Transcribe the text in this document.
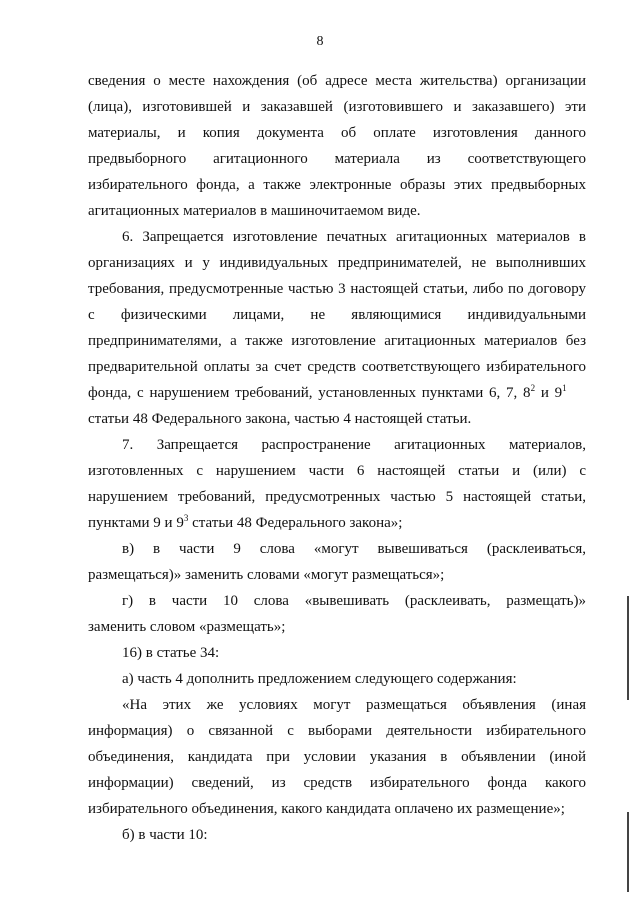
8
сведения о месте нахождения (об адресе места жительства) организации
(лица), изготовившей и заказавшей (изготовившего и заказавшего) эти
материалы, и копия документа об оплате изготовления данного
предвыборного агитационного материала из соответствующего
избирательного фонда, а также электронные образы этих предвыборных
агитационных материалов в машиночитаемом виде.
6. Запрещается изготовление печатных агитационных материалов в
организациях и у индивидуальных предпринимателей, не выполнивших
требования, предусмотренные частью 3 настоящей статьи, либо по договору
с физическими лицами, не являющимися индивидуальными
предпринимателями, а также изготовление агитационных материалов без
предварительной оплаты за счет средств соответствующего избирательного
фонда, с нарушением требований, установленных пунктами 6, 7, $8^2$ и $9^1$
статьи 48 Федерального закона, частью 4 настоящей статьи.
7. Запрещается распространение агитационных материалов,
изготовленных с нарушением части 6 настоящей статьи и (или) с
нарушением требований, предусмотренных частью 5 настоящей статьи,
пунктами 9 и $9^3$ статьи 48 Федерального закона»;
в) в части 9 слова «могут вывешиваться (расклеиваться,
размещаться)» заменить словами «могут размещаться»;
г) в части 10 слова «вывешивать (расклеивать, размещать)»
заменить словом «размещать»;
16) в статье 34:
а) часть 4 дополнить предложением следующего содержания:
«На этих же условиях могут размещаться объявления (иная
информация) о связанной с выборами деятельности избирательного
объединения, кандидата при условии указания в объявлении (иной
информации) сведений, из средств избирательного фонда какого
избирательного объединения, какого кандидата оплачено их размещение»;
б) в части 10:
